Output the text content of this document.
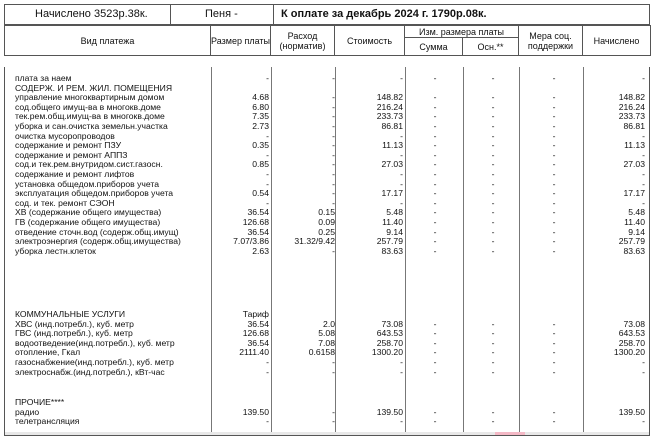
Начислено 3523р.38к.	Пеня -	К оплате за декабрь 2024 г. 1790р.08к.
Вид платежа	Размер платы	Расход (норматив)	Стоимость	Изм. размера платы		Мера соц. поддержки	Начислено
				Сумма	Осн.**		
плата за наем	-	-	-	-	-	-	-
СОДЕРЖ. И РЕМ. ЖИЛ. ПОМЕЩЕНИЯ
управление многоквартирным домом	4.68	-	148.82	-	-	-	148.82
сод.общего имущ-ва в многокв.доме	6.80	-	216.24	-	-	-	216.24
тек.рем.общ.имущ-ва в многокв.доме	7.35	-	233.73	-	-	-	233.73
уборка и сан.очистка земельн.участка	2.73	-	86.81	-	-	-	86.81
очистка мусоропроводов	-	-	-	-	-	-	-
содержание и ремонт ПЗУ	0.35	-	11.13	-	-	-	11.13
содержание и ремонт АППЗ	-	-	-	-	-	-	-
сод.и тек.рем.внутридом.сист.газосн.	0.85	-	27.03	-	-	-	27.03
содержание и ремонт лифтов	-	-	-	-	-	-	-
установка общедом.приборов учета	-	-	-	-	-	-	-
эксплуатация общедом.приборов учета	0.54	-	17.17	-	-	-	17.17
сод. и тек. ремонт СЭОН	-	-	-	-	-	-	-
ХВ (содержание общего имущества)	36.54	0.15	5.48	-	-	-	5.48
ГВ (содержание общего имущества)	126.68	0.09	11.40	-	-	-	11.40
отведение сточн.вод (содерж.общ.имущ)	36.54	0.25	9.14	-	-	-	9.14
электроэнергия (содерж.общ.имущества)	7.07/3.86	31.32/9.42	257.79	-	-	-	257.79
уборка лестн.клеток	2.63	-	83.63	-	-	-	83.63
КОММУНАЛЬНЫЕ УСЛУГИ	Тариф
ХВС (инд.потребл.), куб. метр	36.54	2.0	73.08	-	-	-	73.08
ГВС (инд.потребл.), куб. метр	126.68	5.08	643.53	-	-	-	643.53
водоотведение(инд.потребл.), куб. метр	36.54	7.08	258.70	-	-	-	258.70
отопление, Гкал	2111.40	0.6158	1300.20	-	-	-	1300.20
газоснабжение(инд.потребл.), куб. метр	-	-	-	-	-	-	-
электроснабж.(инд.потребл.), кВт-час	-	-	-	-	-	-	-
ПРОЧИЕ****
радио	139.50	-	139.50	-	-	-	139.50
телетрансляция	-	-	-	-	-	-	-
